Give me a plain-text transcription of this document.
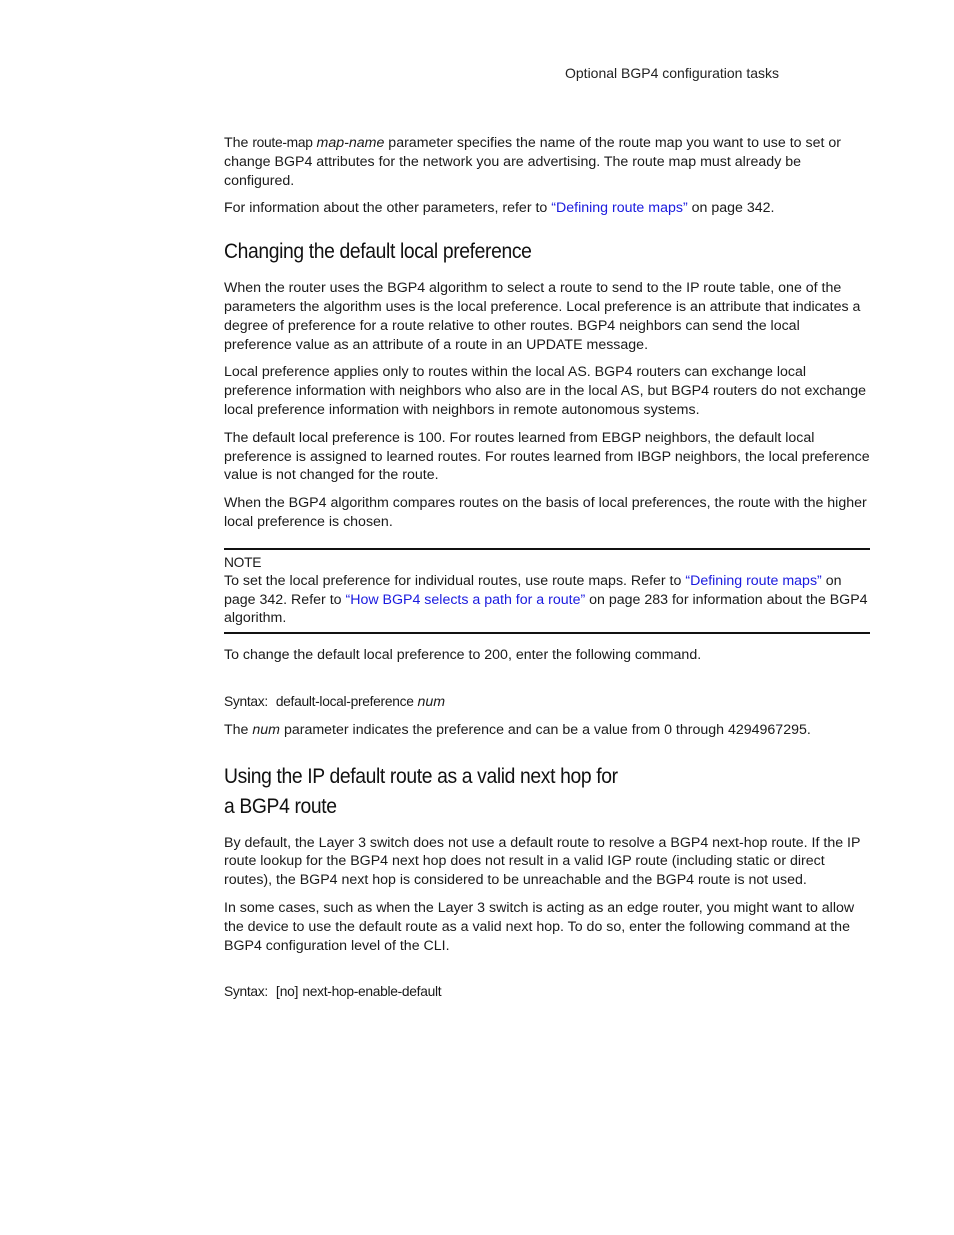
Optional BGP4 configuration tasks

The route-map map-name parameter specifies the name of the route map you want to use to set or change BGP4 attributes for the network you are advertising. The route map must already be configured.

For information about the other parameters, refer to “Defining route maps” on page 342.

Changing the default local preference

When the router uses the BGP4 algorithm to select a route to send to the IP route table, one of the parameters the algorithm uses is the local preference. Local preference is an attribute that indicates a degree of preference for a route relative to other routes. BGP4 neighbors can send the local preference value as an attribute of a route in an UPDATE message.

Local preference applies only to routes within the local AS. BGP4 routers can exchange local preference information with neighbors who also are in the local AS, but BGP4 routers do not exchange local preference information with neighbors in remote autonomous systems.

The default local preference is 100. For routes learned from EBGP neighbors, the default local preference is assigned to learned routes. For routes learned from IBGP neighbors, the local preference value is not changed for the route.

When the BGP4 algorithm compares routes on the basis of local preferences, the route with the higher local preference is chosen.

NOTE

To set the local preference for individual routes, use route maps. Refer to “Defining route maps” on page 342. Refer to “How BGP4 selects a path for a route” on page 283 for information about the BGP4 algorithm.

To change the default local preference to 200, enter the following command.

Syntax: default-local-preference num

The num parameter indicates the preference and can be a value from 0 through 4294967295.

Using the IP default route as a valid next hop for
a BGP4 route

By default, the Layer 3 switch does not use a default route to resolve a BGP4 next-hop route. If the IP route lookup for the BGP4 next hop does not result in a valid IGP route (including static or direct routes), the BGP4 next hop is considered to be unreachable and the BGP4 route is not used.

In some cases, such as when the Layer 3 switch is acting as an edge router, you might want to allow the device to use the default route as a valid next hop. To do so, enter the following command at the BGP4 configuration level of the CLI.

Syntax: [no] next-hop-enable-default
